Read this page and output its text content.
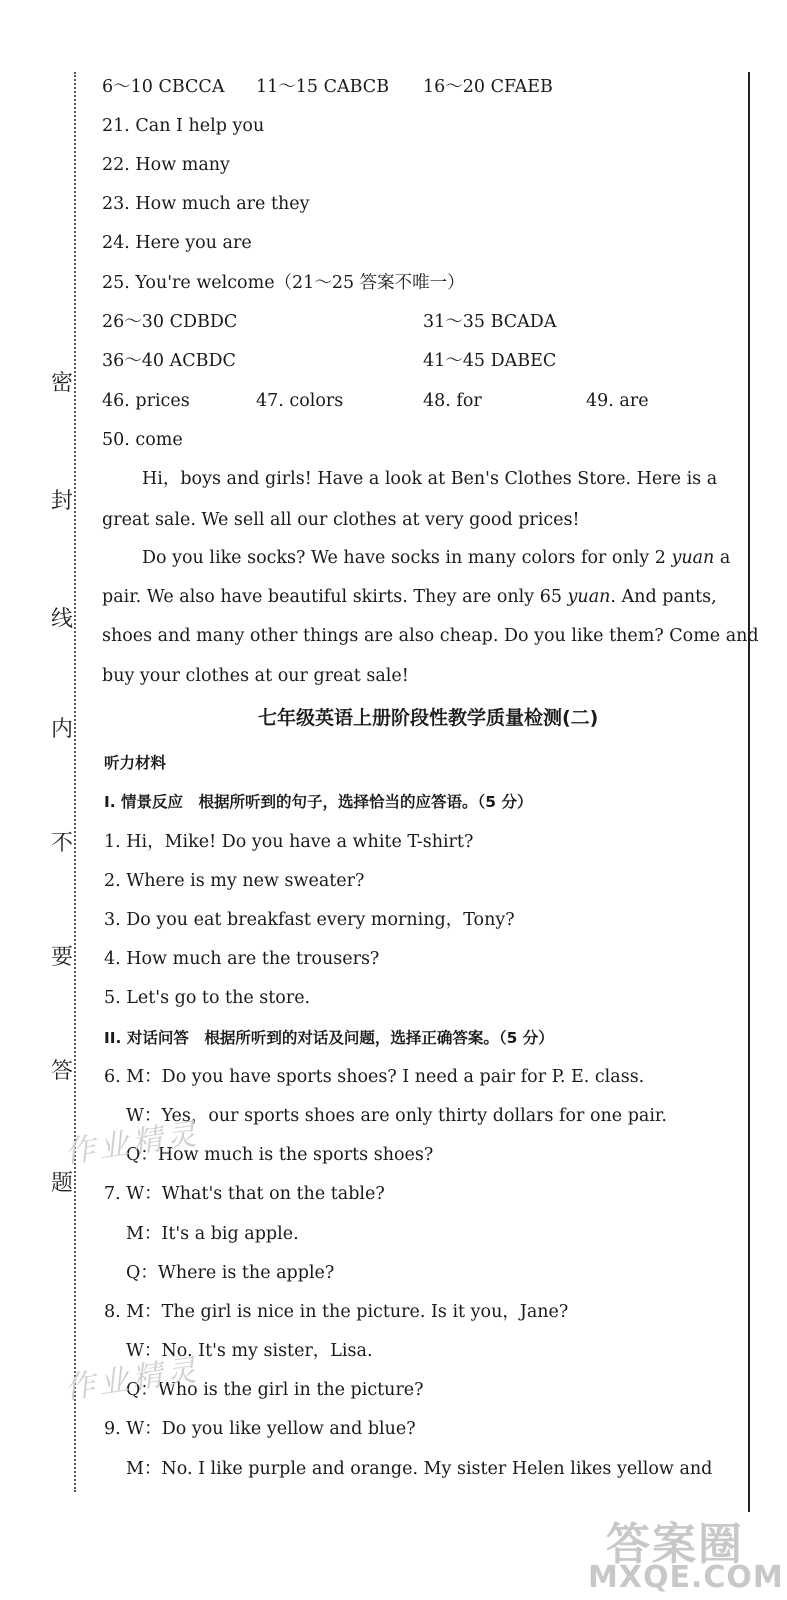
密
封
线
内
不
要
答
题
6～10 CBCCA 11～15 CABCB 16～20 CFAEB
21. Can I help you
22. How many
23. How much are they
24. Here you are
25. You're welcome（21～25 答案不唯一）
26～30 CDBDC	31～35 BCADA
36～40 ACBDC	41～45 DABEC
46. prices	47. colors	48. for	49. are
50. come
Hi，boys and girls! Have a look at Ben's Clothes Store. Here is a
great sale. We sell all our clothes at very good prices!
Do you like socks? We have socks in many colors for only 2 yuan a
pair. We also have beautiful skirts. They are only 65 yuan. And pants,
shoes and many other things are also cheap. Do you like them? Come and
buy your clothes at our great sale!
七年级英语上册阶段性教学质量检测(二)
听力材料
I. 情景反应　根据所听到的句子，选择恰当的应答语。（5 分）
1. Hi，Mike! Do you have a white T-shirt?
2. Where is my new sweater?
3. Do you eat breakfast every morning，Tony?
4. How much are the trousers?
5. Let's go to the store.
II. 对话问答　根据所听到的对话及问题，选择正确答案。（5 分）
6. M：Do you have sports shoes? I need a pair for P. E. class.
W：Yes，our sports shoes are only thirty dollars for one pair.
Q：How much is the sports shoes?
7. W：What's that on the table?
M：It's a big apple.
Q：Where is the apple?
8. M：The girl is nice in the picture. Is it you，Jane?
W：No. It's my sister，Lisa.
Q：Who is the girl in the picture?
9. W：Do you like yellow and blue?
M：No. I like purple and orange. My sister Helen likes yellow and
作业精灵
作业精灵
答案圈
MXQE.COM
